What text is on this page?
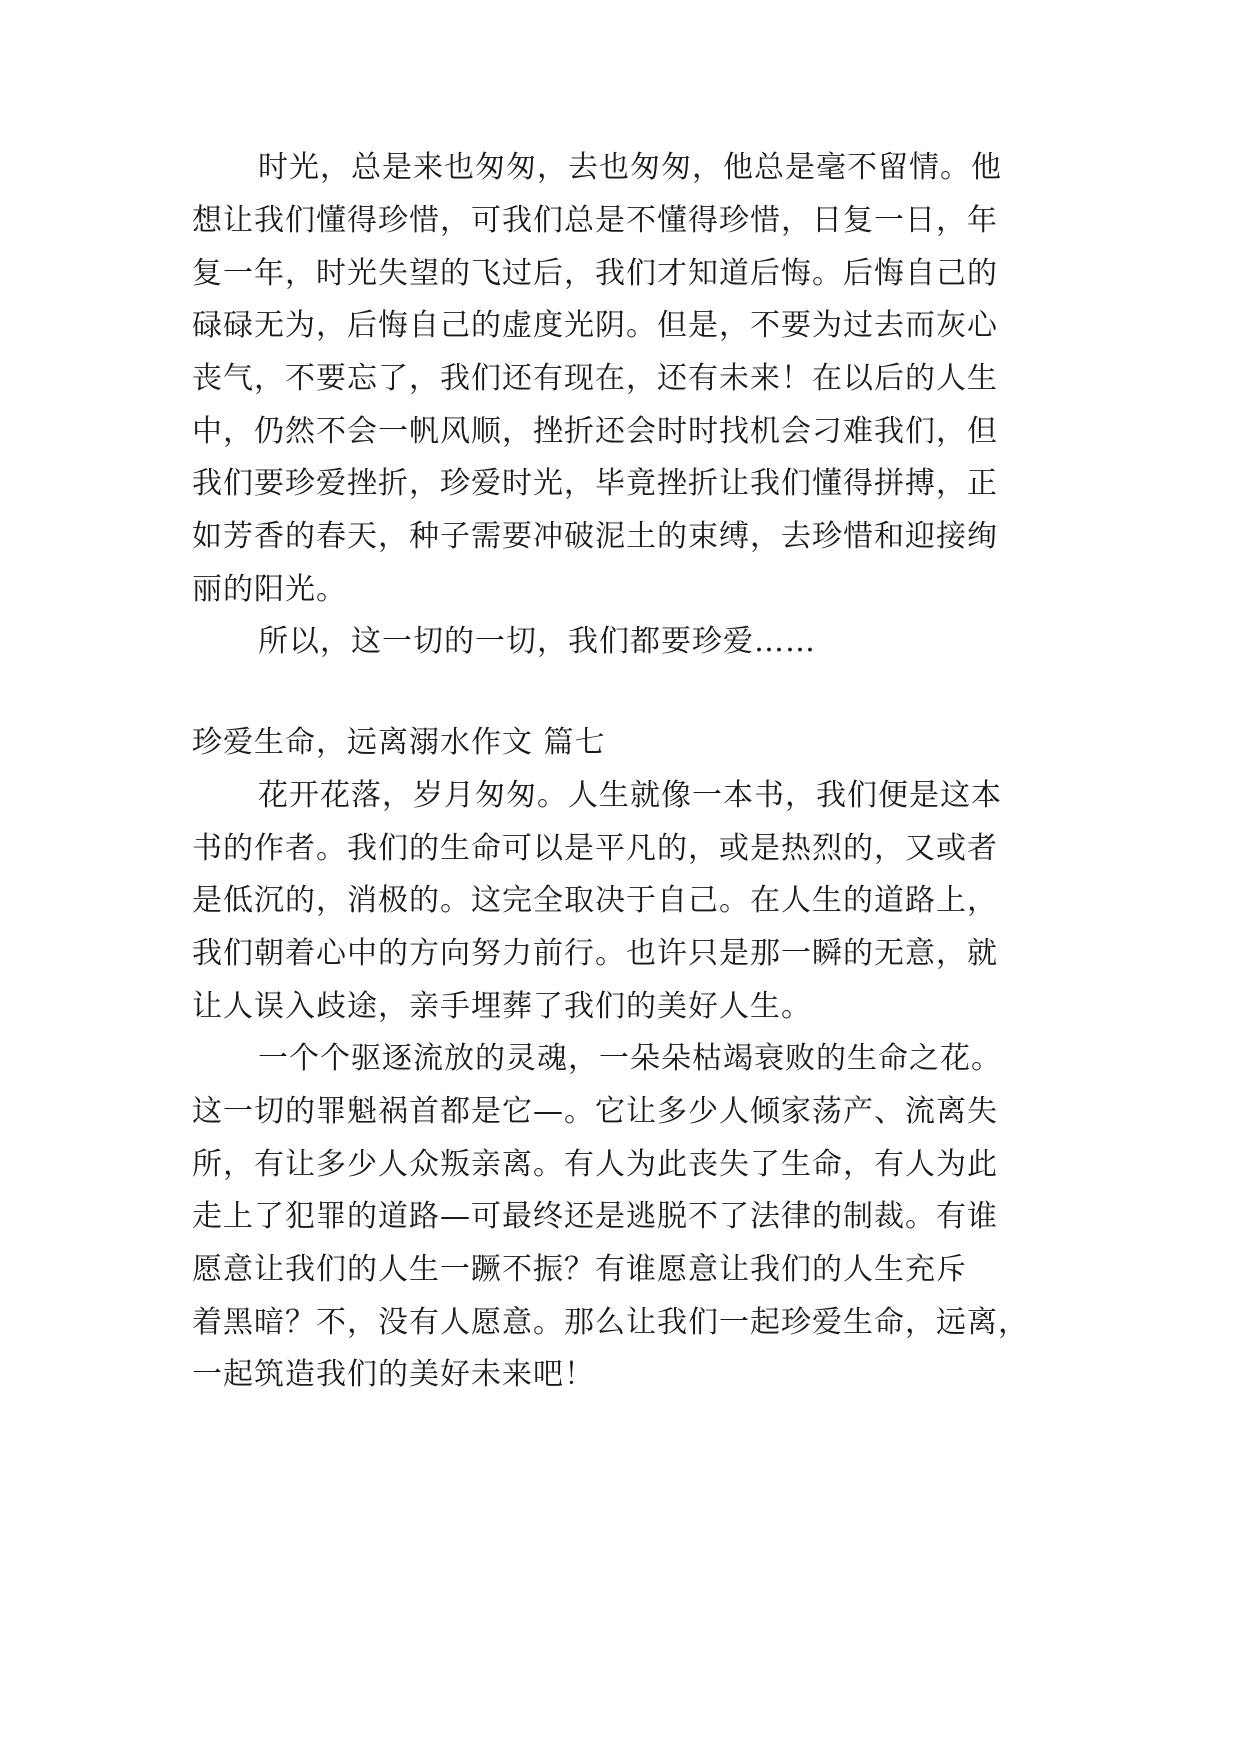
时光，总是来也匆匆，去也匆匆，他总是毫不留情。他
想让我们懂得珍惜，可我们总是不懂得珍惜，日复一日，年
复一年，时光失望的飞过后，我们才知道后悔。后悔自己的
碌碌无为，后悔自己的虚度光阴。但是，不要为过去而灰心
丧气，不要忘了，我们还有现在，还有未来！在以后的人生
中，仍然不会一帆风顺，挫折还会时时找机会刁难我们，但
我们要珍爱挫折，珍爱时光，毕竟挫折让我们懂得拼搏，正
如芳香的春天，种子需要冲破泥土的束缚，去珍惜和迎接绚
丽的阳光。
所以，这一切的一切，我们都要珍爱……
珍爱生命，远离溺水作文 篇七
花开花落，岁月匆匆。人生就像一本书，我们便是这本
书的作者。我们的生命可以是平凡的，或是热烈的，又或者
是低沉的，消极的。这完全取决于自己。在人生的道路上，
我们朝着心中的方向努力前行。也许只是那一瞬的无意，就
让人误入歧途，亲手埋葬了我们的美好人生。
一个个驱逐流放的灵魂，一朵朵枯竭衰败的生命之花。
这一切的罪魁祸首都是它—。它让多少人倾家荡产、流离失
所，有让多少人众叛亲离。有人为此丧失了生命，有人为此
走上了犯罪的道路—可最终还是逃脱不了法律的制裁。有谁
愿意让我们的人生一蹶不振？有谁愿意让我们的人生充斥
着黑暗？不，没有人愿意。那么让我们一起珍爱生命，远离，
一起筑造我们的美好未来吧！
